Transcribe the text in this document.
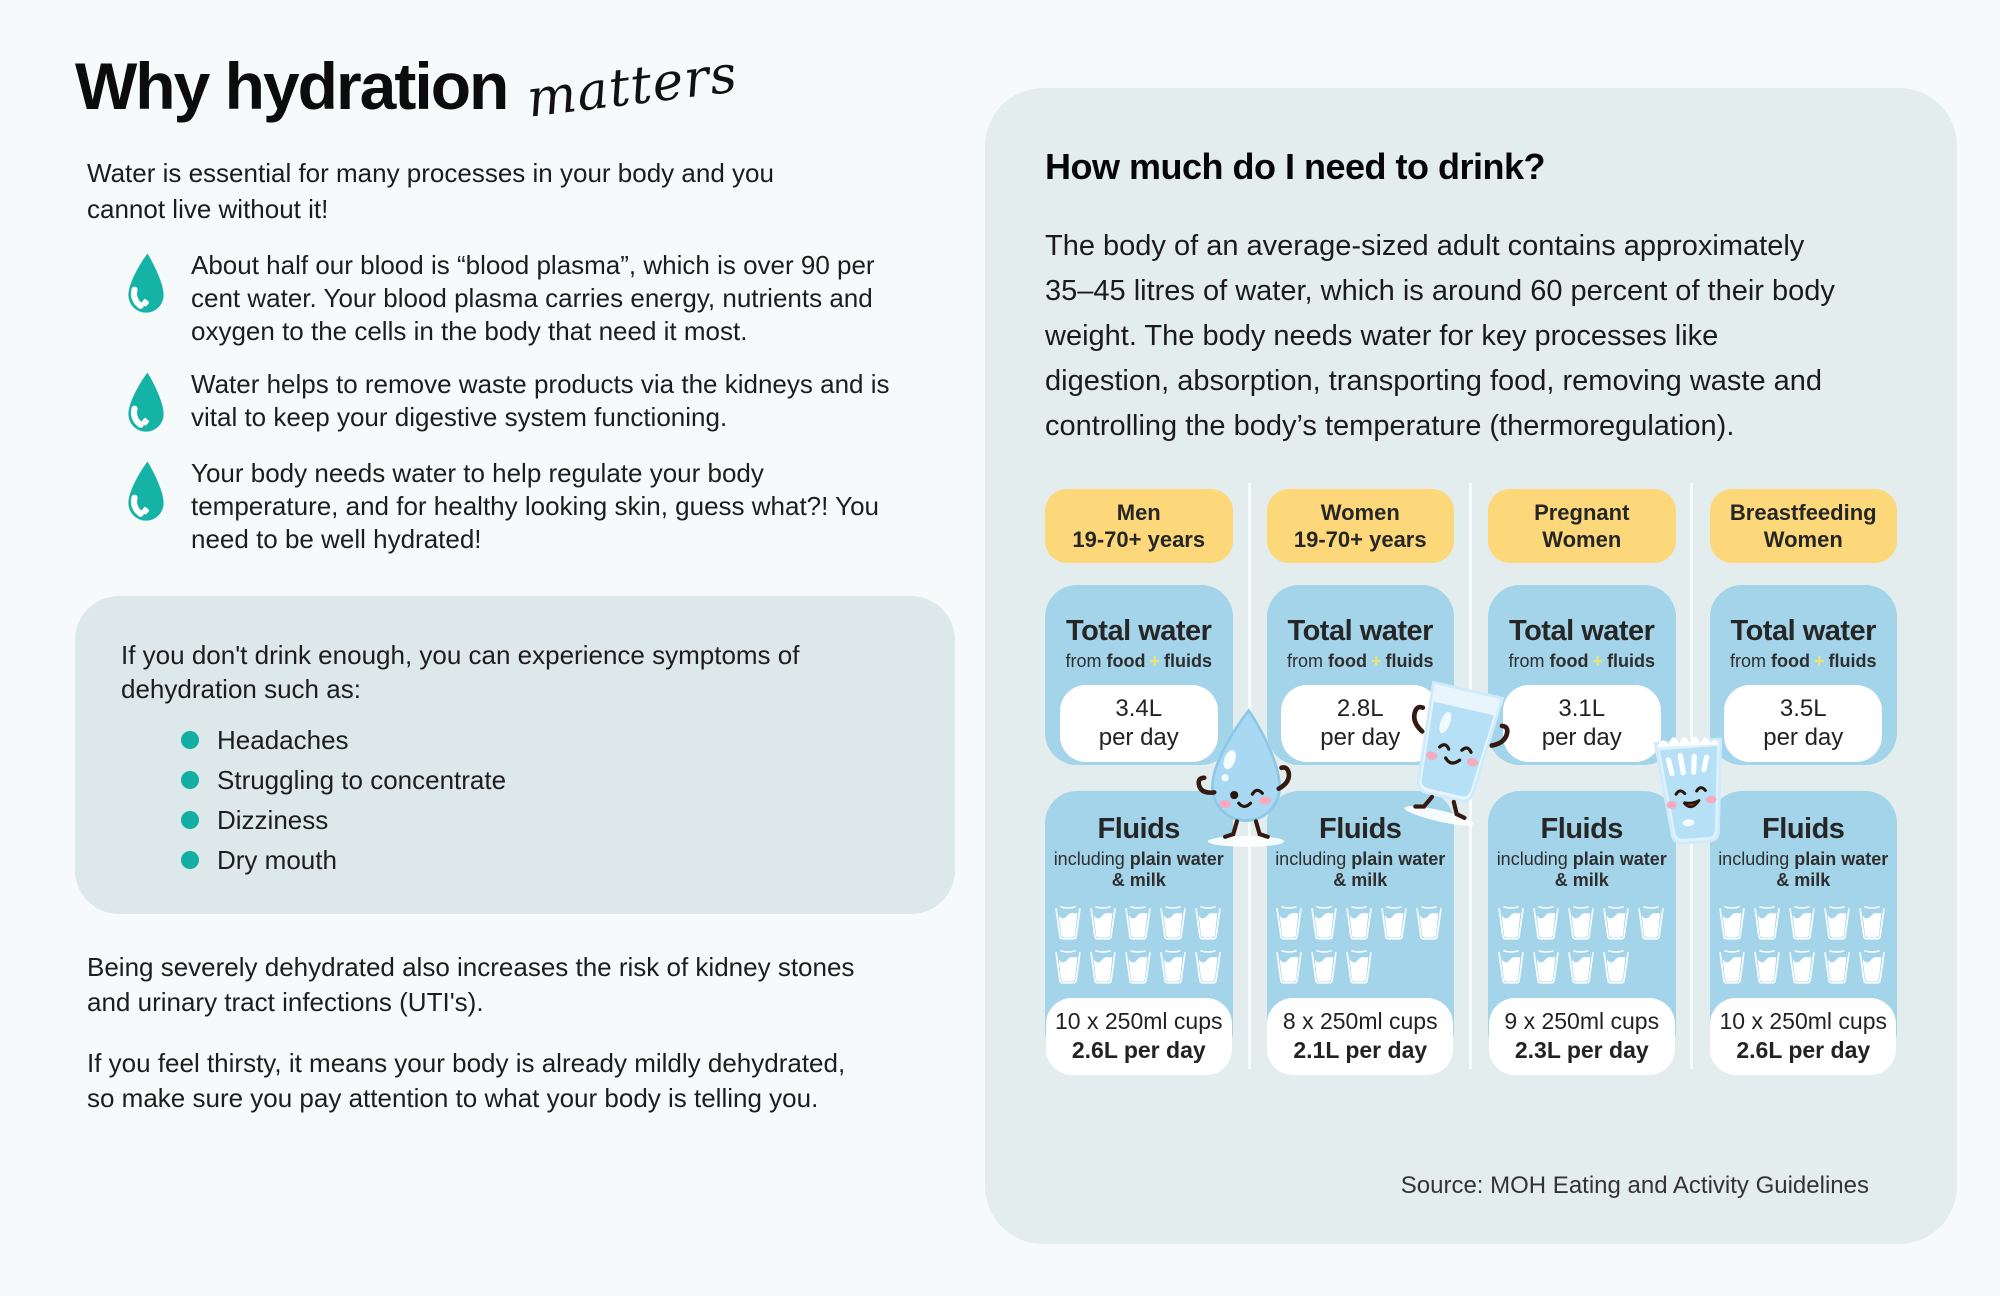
Why hydration matters

Water is essential for many processes in your body and you cannot live without it!

About half our blood is “blood plasma”, which is over 90 per cent water. Your blood plasma carries energy, nutrients and oxygen to the cells in the body that need it most.

Water helps to remove waste products via the kidneys and is vital to keep your digestive system functioning.

Your body needs water to help regulate your body temperature, and for healthy looking skin, guess what?! You need to be well hydrated!

If you don't drink enough, you can experience symptoms of dehydration such as:

Headaches
Struggling to concentrate
Dizziness
Dry mouth

Being severely dehydrated also increases the risk of kidney stones and urinary tract infections (UTI's).

If you feel thirsty, it means your body is already mildly dehydrated, so make sure you pay attention to what your body is telling you.

How much do I need to drink?

The body of an average-sized adult contains approximately 35–45 litres of water, which is around 60 percent of their body weight. The body needs water for key processes like digestion, absorption, transporting food, removing waste and controlling the body’s temperature (thermoregulation).

Men
19-70+ years
Total water

from food + fluids

3.4L
per day
Fluids

including plain water & milk

10 x 250ml cups
2.6L per day
Women
19-70+ years
Total water

from food + fluids

2.8L
per day
Fluids

including plain water & milk

8 x 250ml cups
2.1L per day
Pregnant
Women
Total water

from food + fluids

3.1L
per day
Fluids

including plain water & milk

9 x 250ml cups
2.3L per day
Breastfeeding
Women
Total water

from food + fluids

3.5L
per day
Fluids

including plain water & milk

10 x 250ml cups
2.6L per day

Source: MOH Eating and Activity Guidelines
